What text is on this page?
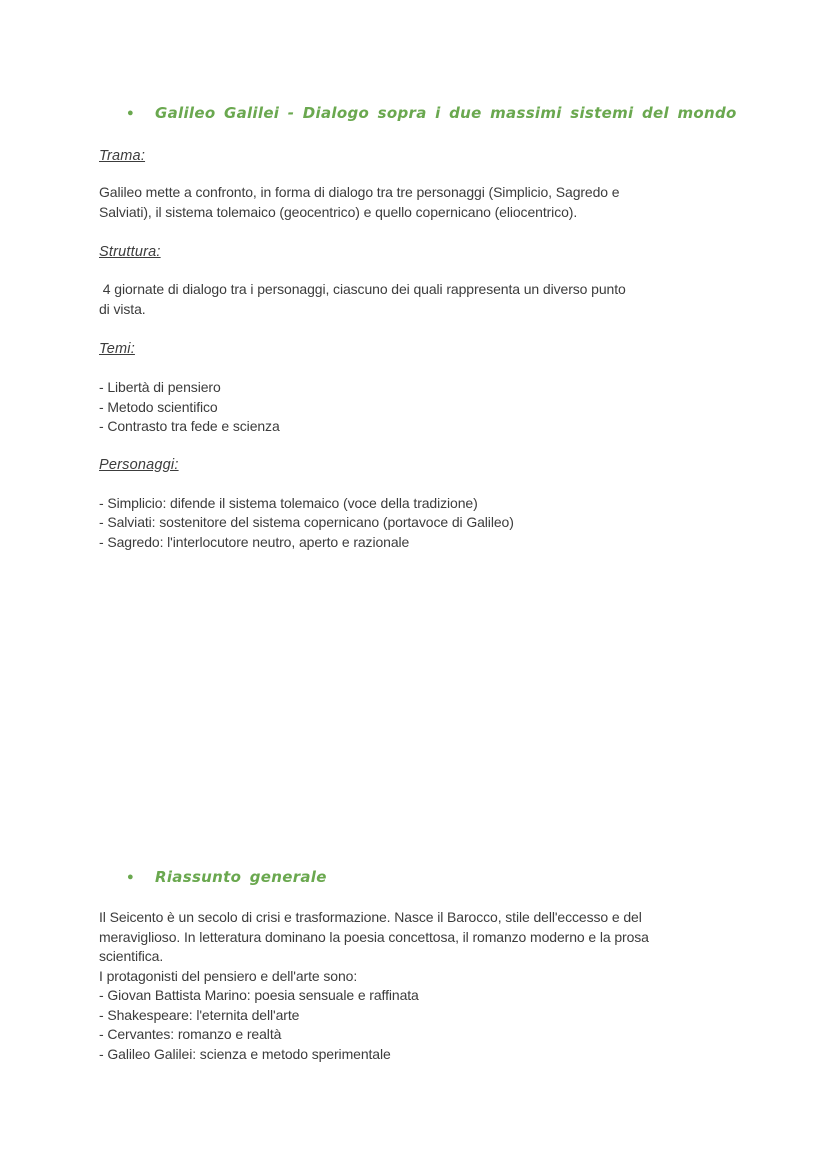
●	Galileo Galilei - Dialogo sopra i due massimi sistemi del mondo
Trama:
Galileo mette a confronto, in forma di dialogo tra tre personaggi (Simplicio, Sagredo e
Salviati), il sistema tolemaico (geocentrico) e quello copernicano (eliocentrico).
Struttura:
4 giornate di dialogo tra i personaggi, ciascuno dei quali rappresenta un diverso punto
di vista.
Temi:
- Libertà di pensiero
- Metodo scientifico
- Contrasto tra fede e scienza
Personaggi:
- Simplicio: difende il sistema tolemaico (voce della tradizione)
- Salviati: sostenitore del sistema copernicano (portavoce di Galileo)
- Sagredo: l'interlocutore neutro, aperto e razionale
●	Riassunto generale
Il Seicento è un secolo di crisi e trasformazione. Nasce il Barocco, stile dell'eccesso e del
meraviglioso. In letteratura dominano la poesia concettosa, il romanzo moderno e la prosa
scientifica.
I protagonisti del pensiero e dell'arte sono:
- Giovan Battista Marino: poesia sensuale e raffinata
- Shakespeare: l'eternita dell'arte
- Cervantes: romanzo e realtà
- Galileo Galilei: scienza e metodo sperimentale
